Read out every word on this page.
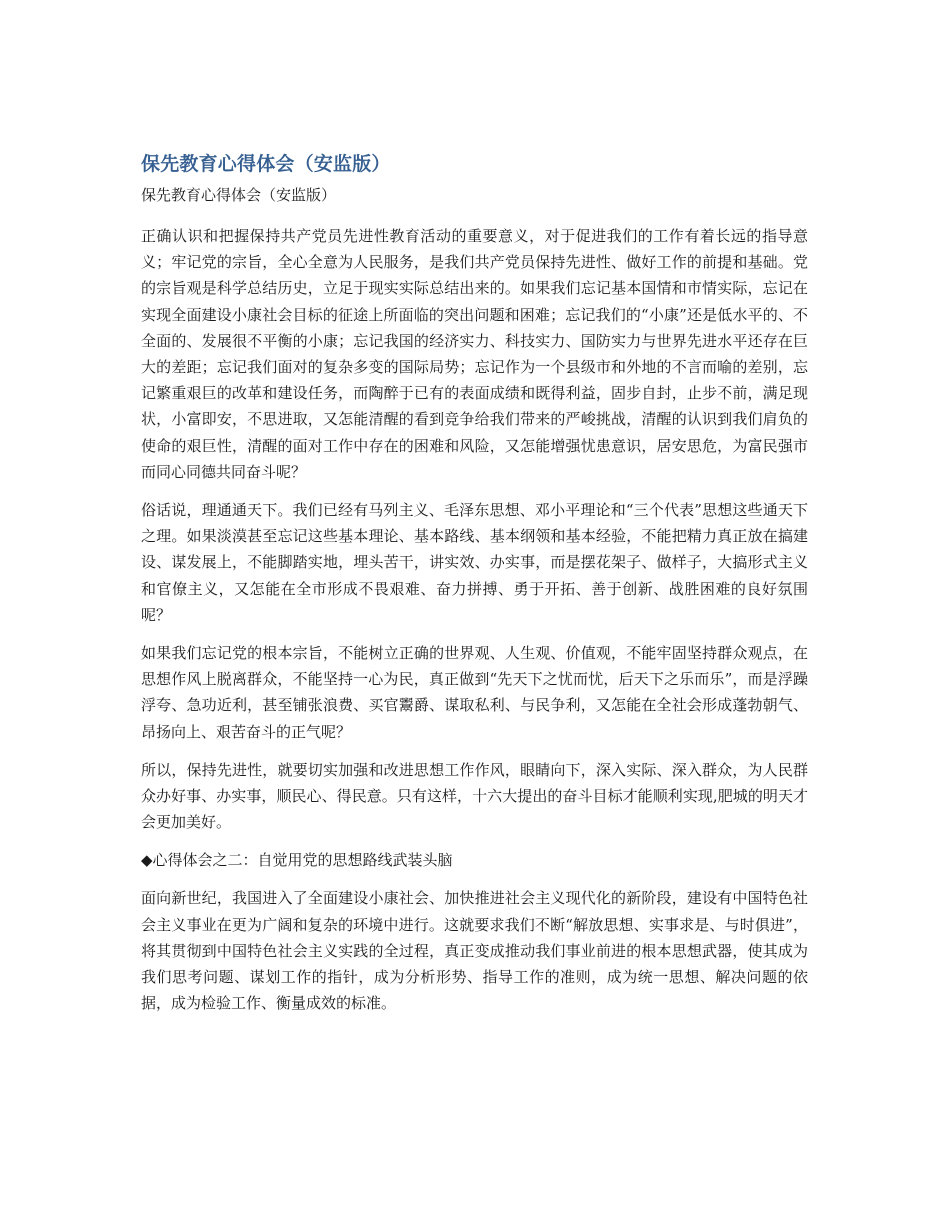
保先教育心得体会（安监版）
保先教育心得体会（安监版）

正确认识和把握保持共产党员先进性教育活动的重要意义，对于促进我们的工作有着长远的指导意义；牢记党的宗旨，全心全意为人民服务，是我们共产党员保持先进性、做好工作的前提和基础。党的宗旨观是科学总结历史，立足于现实实际总结出来的。如果我们忘记基本国情和市情实际，忘记在实现全面建设小康社会目标的征途上所面临的突出问题和困难；忘记我们的“小康”还是低水平的、不全面的、发展很不平衡的小康；忘记我国的经济实力、科技实力、国防实力与世界先进水平还存在巨大的差距；忘记我们面对的复杂多变的国际局势；忘记作为一个县级市和外地的不言而喻的差别，忘记繁重艰巨的改革和建设任务，而陶醉于已有的表面成绩和既得利益，固步自封，止步不前，满足现状，小富即安，不思进取，又怎能清醒的看到竞争给我们带来的严峻挑战，清醒的认识到我们肩负的使命的艰巨性，清醒的面对工作中存在的困难和风险，又怎能增强忧患意识，居安思危，为富民强市而同心同德共同奋斗呢？

俗话说，理通通天下。我们已经有马列主义、毛泽东思想、邓小平理论和“三个代表”思想这些通天下之理。如果淡漠甚至忘记这些基本理论、基本路线、基本纲领和基本经验，不能把精力真正放在搞建设、谋发展上，不能脚踏实地，埋头苦干，讲实效、办实事，而是摆花架子、做样子，大搞形式主义和官僚主义，又怎能在全市形成不畏艰难、奋力拼搏、勇于开拓、善于创新、战胜困难的良好氛围呢？

如果我们忘记党的根本宗旨，不能树立正确的世界观、人生观、价值观，不能牢固坚持群众观点，在思想作风上脱离群众，不能坚持一心为民，真正做到“先天下之忧而忧，后天下之乐而乐”，而是浮躁浮夸、急功近利，甚至铺张浪费、买官鬻爵、谋取私利、与民争利，又怎能在全社会形成蓬勃朝气、昂扬向上、艰苦奋斗的正气呢？

所以，保持先进性，就要切实加强和改进思想工作作风，眼睛向下，深入实际、深入群众，为人民群众办好事、办实事，顺民心、得民意。只有这样，十六大提出的奋斗目标才能顺利实现,肥城的明天才会更加美好。

◆心得体会之二：自觉用党的思想路线武装头脑

面向新世纪，我国进入了全面建设小康社会、加快推进社会主义现代化的新阶段，建设有中国特色社会主义事业在更为广阔和复杂的环境中进行。这就要求我们不断“解放思想、实事求是、与时俱进”，将其贯彻到中国特色社会主义实践的全过程，真正变成推动我们事业前进的根本思想武器，使其成为我们思考问题、谋划工作的指针，成为分析形势、指导工作的准则，成为统一思想、解决问题的依据，成为检验工作、衡量成效的标准。
